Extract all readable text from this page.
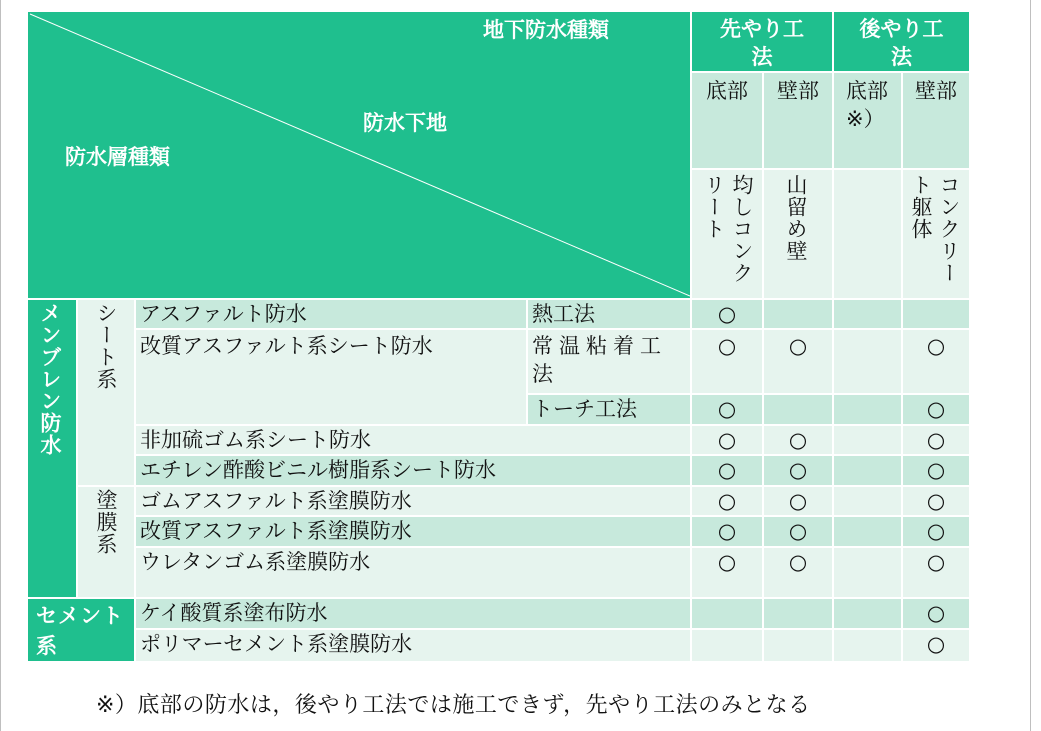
地下防水種類
防水下地
防水層種類				先やり工法		後やり工法	
				底部	壁部	底部※）	壁部

				均しコンクリート	山留め壁		コンクリート躯体

メンブレン防水	シート系	アスファルト防水	熱工法	○			
		改質アスファルト系シート防水	常温粘着工法	○	○		○
			トーチ工法	○			○
		非加硫ゴム系シート防水		○	○		○
		エチレン酢酸ビニル樹脂系シート防水		○	○		○

	塗膜系	ゴムアスファルト系塗膜防水		○	○		○
		改質アスファルト系塗膜防水		○	○		○
		ウレタンゴム系塗膜防水		○	○		○
セメント系		ケイ酸質系塗布防水					○
		ポリマーセメント系塗膜防水					○
※）底部の防水は，後やり工法では施工できず，先やり工法のみとなる
